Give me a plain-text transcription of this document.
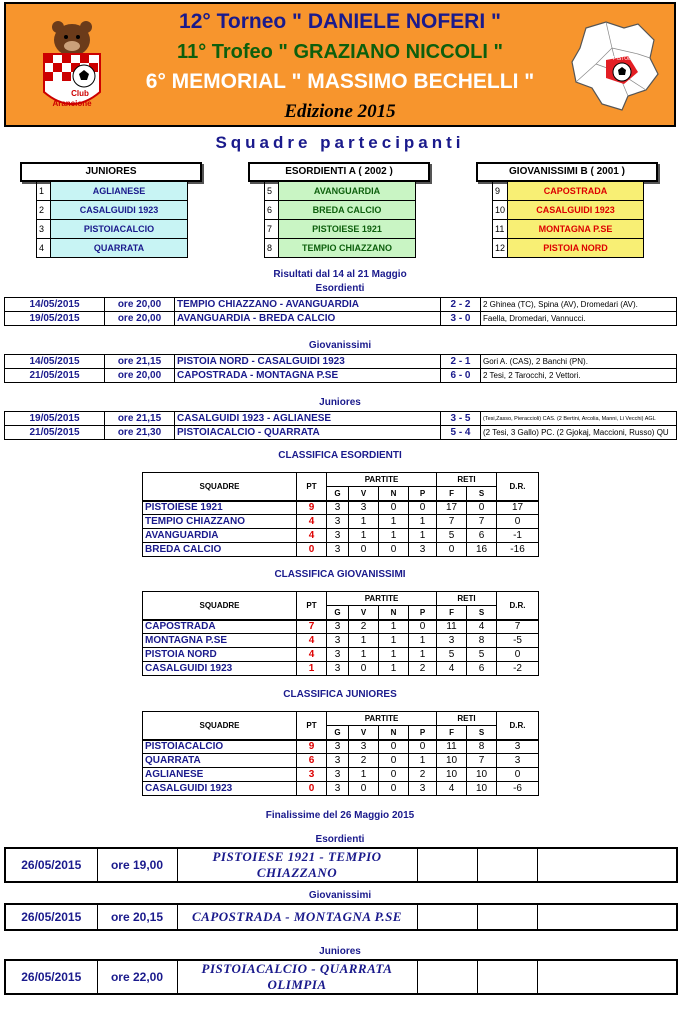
Club
Arancione
12° Torneo " DANIELE NOFERI "
11° Trofeo " GRAZIANO NICCOLI "
6° MEMORIAL " MASSIMO BECHELLI "
Edizione 2015
PISTOIA
Squadre partecipanti
JUNIORES
1	AGLIANESE
2	CASALGUIDI 1923
3	PISTOIACALCIO
4	QUARRATA
ESORDIENTI A ( 2002 )
5	AVANGUARDIA
6	BREDA CALCIO
7	PISTOIESE 1921
8	TEMPIO CHIAZZANO
GIOVANISSIMI B ( 2001 )
9	CAPOSTRADA
10	CASALGUIDI 1923
11	MONTAGNA P.SE
12	PISTOIA NORD
Risultati dal 14 al 21 Maggio
Esordienti
14/05/2015	ore 20,00	TEMPIO CHIAZZANO - AVANGUARDIA	2 - 2	2 Ghinea (TC), Spina (AV), Dromedari (AV).
19/05/2015	ore 20,00	AVANGUARDIA - BREDA CALCIO	3 - 0	Faella, Dromedari, Vannucci.
Giovanissimi
14/05/2015	ore 21,15	PISTOIA NORD - CASALGUIDI 1923	2 - 1	Gori A. (CAS), 2 Banchi (PN).
21/05/2015	ore 20,00	CAPOSTRADA - MONTAGNA P.SE	6 - 0	2 Tesi, 2 Tarocchi, 2 Vettori.
Juniores
19/05/2015	ore 21,15	CASALGUIDI 1923 - AGLIANESE	3 - 5	(Tesi,Zasso, Pieraccioli) CAS. (2 Bertini, Arcolia, Manni, Li Vecchi) AGL
21/05/2015	ore 21,30	PISTOIACALCIO - QUARRATA	5 - 4	(2 Tesi, 3 Gallo) PC. (2 Gjokaj, Maccioni, Russo) QU
CLASSIFICA ESORDIENTI
SQUADRE	PT	PARTITE				RETI		D.R.
		G	V	N	P	F	S	
PISTOIESE 1921	9	3	3	0	0	17	0	17
TEMPIO CHIAZZANO	4	3	1	1	1	7	7	0
AVANGUARDIA	4	3	1	1	1	5	6	-1
BREDA CALCIO	0	3	0	0	3	0	16	-16
CLASSIFICA GIOVANISSIMI
SQUADRE	PT	PARTITE				RETI		D.R.
		G	V	N	P	F	S	
CAPOSTRADA	7	3	2	1	0	11	4	7
MONTAGNA P.SE	4	3	1	1	1	3	8	-5
PISTOIA NORD	4	3	1	1	1	5	5	0
CASALGUIDI 1923	1	3	0	1	2	4	6	-2
CLASSIFICA JUNIORES
SQUADRE	PT	PARTITE				RETI		D.R.
		G	V	N	P	F	S	
PISTOIACALCIO	9	3	3	0	0	11	8	3
QUARRATA	6	3	2	0	1	10	7	3
AGLIANESE	3	3	1	0	2	10	10	0
CASALGUIDI 1923	0	3	0	0	3	4	10	-6
Finalissime del 26 Maggio 2015
Esordienti
26/05/2015	ore 19,00	PISTOIESE 1921 - TEMPIO CHIAZZANO			
Giovanissimi
26/05/2015	ore 20,15	CAPOSTRADA - MONTAGNA P.SE			
Juniores
26/05/2015	ore 22,00	PISTOIACALCIO - QUARRATA OLIMPIA			
